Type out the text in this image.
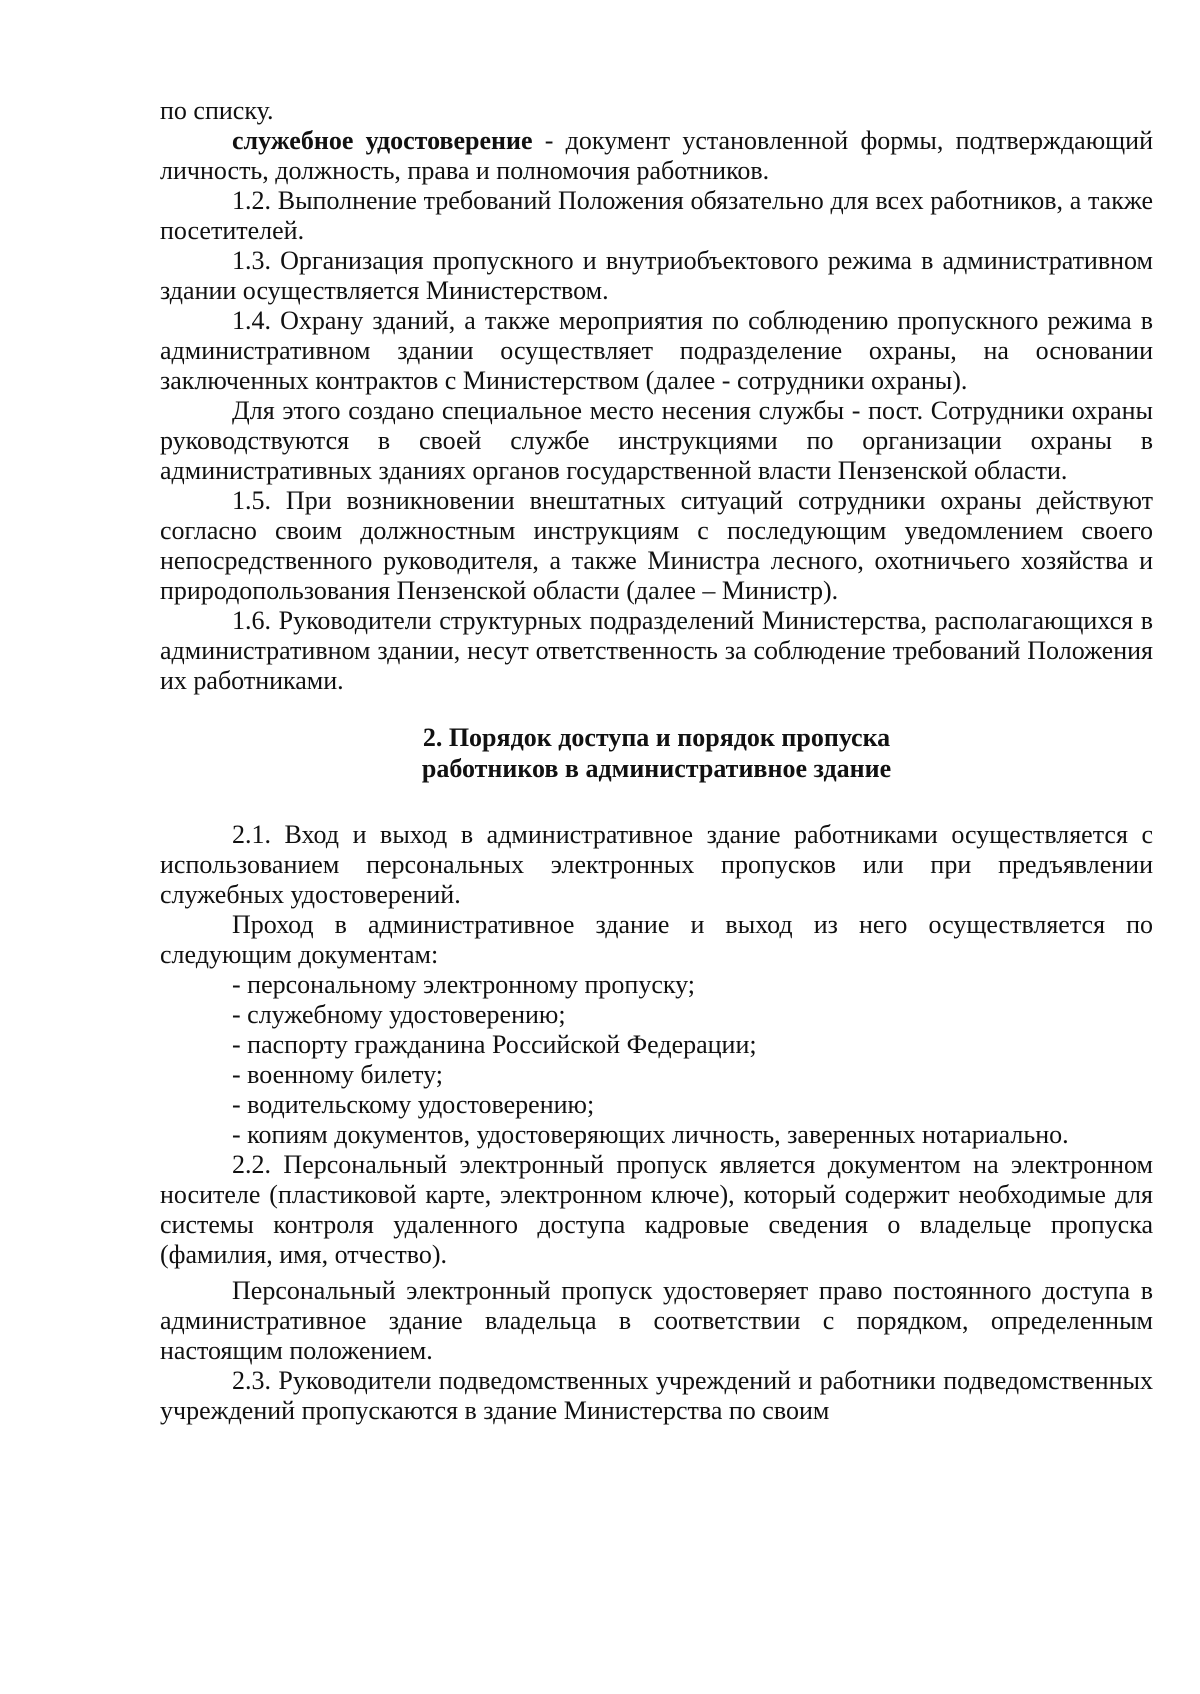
по списку.

служебное удостоверение - документ установленной формы, подтверждающий личность, должность, права и полномочия работников.

1.2. Выполнение требований Положения обязательно для всех работников, а также посетителей.

1.3. Организация пропускного и внутриобъектового режима в административном здании осуществляется Министерством.

1.4. Охрану зданий, а также мероприятия по соблюдению пропускного режима в административном здании осуществляет подразделение охраны, на основании заключенных контрактов с Министерством (далее - сотрудники охраны).

Для этого создано специальное место несения службы - пост. Сотрудники охраны руководствуются в своей службе инструкциями по организации охраны в административных зданиях органов государственной власти Пензенской области.

1.5. При возникновении внештатных ситуаций сотрудники охраны действуют согласно своим должностным инструкциям с последующим уведомлением своего непосредственного руководителя, а также Министра лесного, охотничьего хозяйства и природопользования Пензенской области (далее – Министр).

1.6. Руководители структурных подразделений Министерства, располагающихся в административном здании, несут ответственность за соблюдение требований Положения их работниками.

2. Порядок доступа и порядок пропуска
работников в административное здание

2.1. Вход и выход в административное здание работниками осуществляется с использованием персональных электронных пропусков или при предъявлении служебных удостоверений.

Проход в административное здание и выход из него осуществляется по следующим документам:

- персональному электронному пропуску;

- служебному удостоверению;

- паспорту гражданина Российской Федерации;

- военному билету;

- водительскому удостоверению;

- копиям документов, удостоверяющих личность, заверенных нотариально.

2.2. Персональный электронный пропуск является документом на электронном носителе (пластиковой карте, электронном ключе), который содержит необходимые для системы контроля удаленного доступа кадровые сведения о владельце пропуска (фамилия, имя, отчество).

Персональный электронный пропуск удостоверяет право постоянного доступа в административное здание владельца в соответствии с порядком, определенным настоящим положением.

2.3. Руководители подведомственных учреждений и работники подведомственных учреждений пропускаются в здание Министерства по своим
